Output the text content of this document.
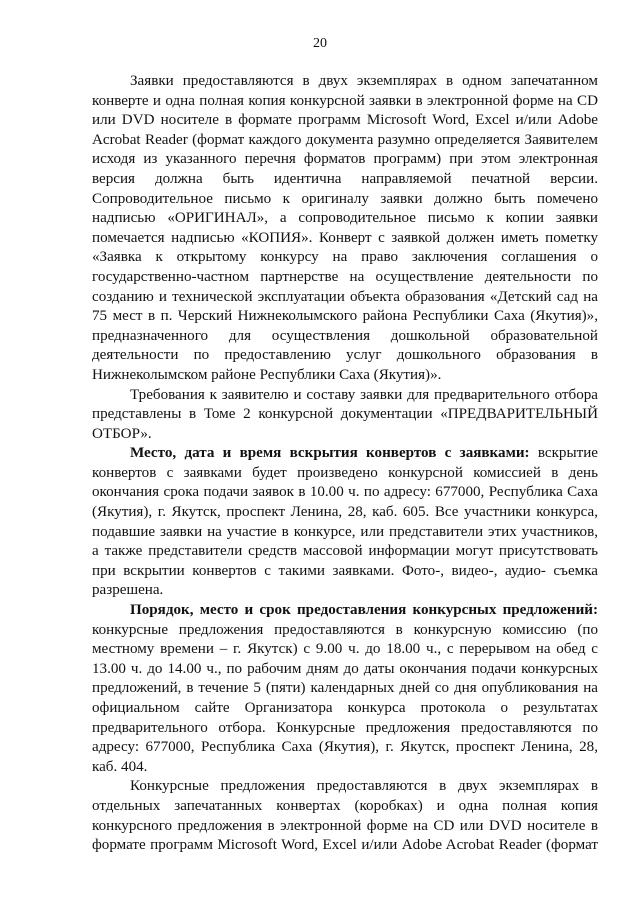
20

Заявки предоставляются в двух экземплярах в одном запечатанном конверте и одна полная копия конкурсной заявки в электронной форме на CD или DVD носителе в формате программ Microsoft Word, Excel и/или Adobe Acrobat Reader (формат каждого документа разумно определяется Заявителем исходя из указанного перечня форматов программ) при этом электронная версия должна быть идентична направляемой печатной версии. Сопроводительное письмо к оригиналу заявки должно быть помечено надписью «ОРИГИНАЛ», а сопроводительное письмо к копии заявки помечается надписью «КОПИЯ». Конверт с заявкой должен иметь пометку «Заявка к открытому конкурсу на право заключения соглашения о государственно-частном партнерстве на осуществление деятельности по созданию и технической эксплуатации объекта образования «Детский сад на 75 мест в п. Черский Нижнеколымского района Республики Саха (Якутия)», предназначенного для осуществления дошкольной образовательной деятельности по предоставлению услуг дошкольного образования в Нижнеколымском районе Республики Саха (Якутия)».

Требования к заявителю и составу заявки для предварительного отбора представлены в Томе 2 конкурсной документации «ПРЕДВАРИТЕЛЬНЫЙ ОТБОР».

Место, дата и время вскрытия конвертов с заявками: вскрытие конвертов с заявками будет произведено конкурсной комиссией в день окончания срока подачи заявок в 10.00 ч. по адресу: 677000, Республика Саха (Якутия), г. Якутск, проспект Ленина, 28, каб. 605. Все участники конкурса, подавшие заявки на участие в конкурсе, или представители этих участников, а также представители средств массовой информации могут присутствовать при вскрытии конвертов с такими заявками. Фото-, видео-, аудио- съемка разрешена.

Порядок, место и срок предоставления конкурсных предложений: конкурсные предложения предоставляются в конкурсную комиссию (по местному времени – г. Якутск) с 9.00 ч. до 18.00 ч., с перерывом на обед с 13.00 ч. до 14.00 ч., по рабочим дням до даты окончания подачи конкурсных предложений, в течение 5 (пяти) календарных дней со дня опубликования на официальном сайте Организатора конкурса протокола о результатах предварительного отбора. Конкурсные предложения предоставляются по адресу: 677000, Республика Саха (Якутия), г. Якутск, проспект Ленина, 28, каб. 404.

Конкурсные предложения предоставляются в двух экземплярах в отдельных запечатанных конвертах (коробках) и одна полная копия конкурсного предложения в электронной форме на CD или DVD носителе в формате программ Microsoft Word, Excel и/или Adobe Acrobat Reader (формат
